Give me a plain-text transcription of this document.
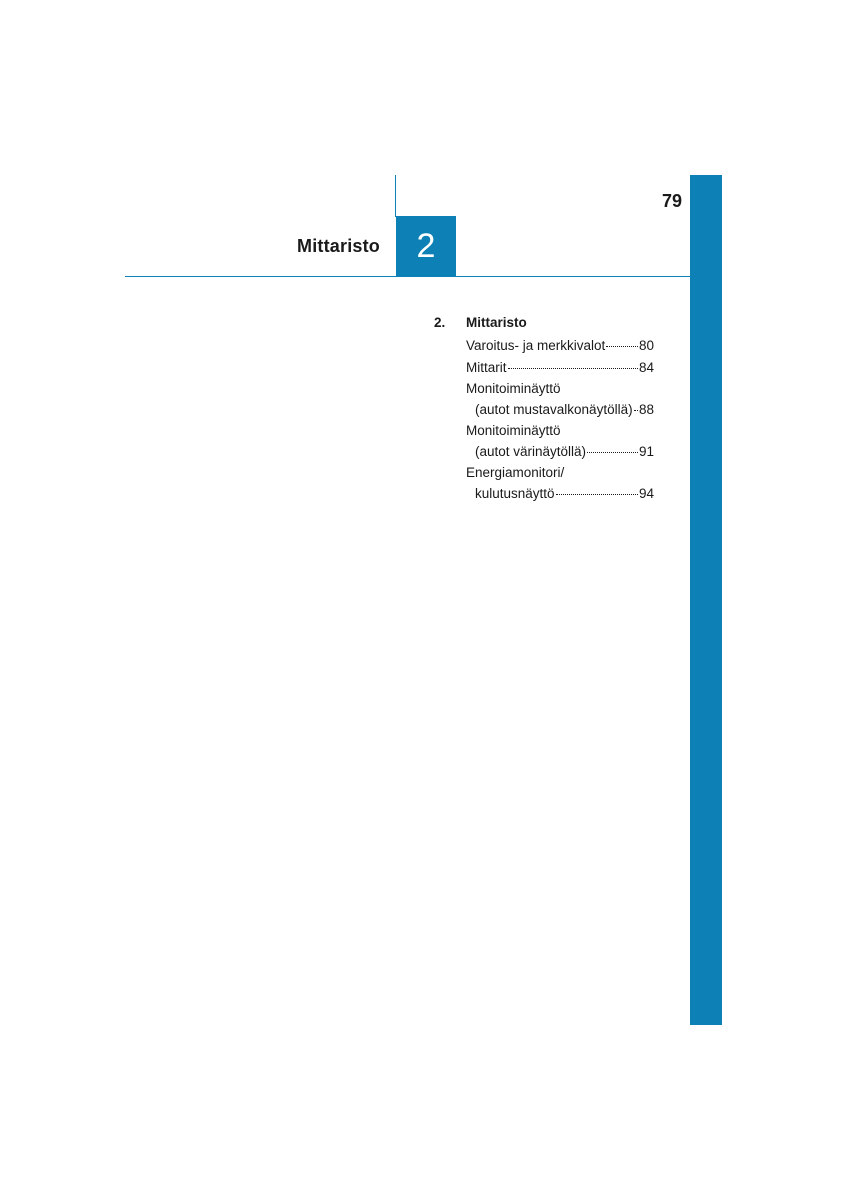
79
Mittaristo 2
2.	Mittaristo
Varoitus- ja merkkivalot 80
Mittarit	84
Monitoiminäyttö
(autot mustavalkonäytöllä) 88
Monitoiminäyttö
(autot värinäytöllä)	91
Energiamonitori/
kulutusnäyttö	94
